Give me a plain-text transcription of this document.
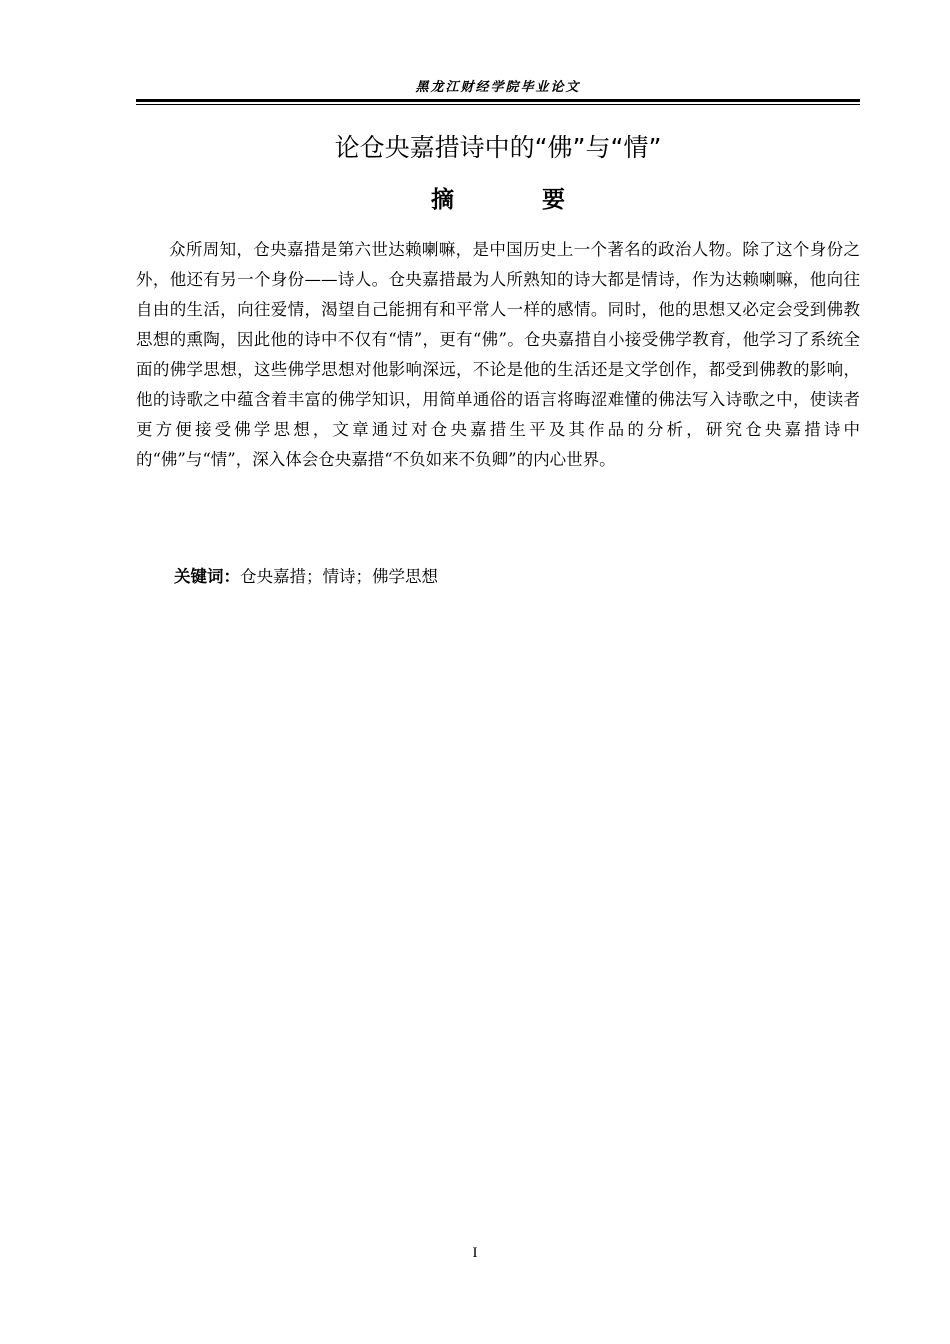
黑龙江财经学院毕业论文
论仓央嘉措诗中的“佛”与“情”
摘 要

众所周知，仓央嘉措是第六世达赖喇嘛，是中国历史上一个著名的政治人物。除了这个身份之外，他还有另一个身份——诗人。仓央嘉措最为人所熟知的诗大都是情诗，作为达赖喇嘛，他向往自由的生活，向往爱情，渴望自己能拥有和平常人一样的感情。同时，他的思想又必定会受到佛教思想的熏陶，因此他的诗中不仅有“情”，更有“佛”。仓央嘉措自小接受佛学教育，他学习了系统全面的佛学思想，这些佛学思想对他影响深远，不论是他的生活还是文学创作，都受到佛教的影响，他的诗歌之中蕴含着丰富的佛学知识，用简单通俗的语言将晦涩难懂的佛法写入诗歌之中，使读者更方便接受佛学思想，文章通过对仓央嘉措生平及其作品的分析，研究仓央嘉措诗中的“佛”与“情”，深入体会仓央嘉措“不负如来不负卿”的内心世界。

关键词：仓央嘉措；情诗；佛学思想
I
